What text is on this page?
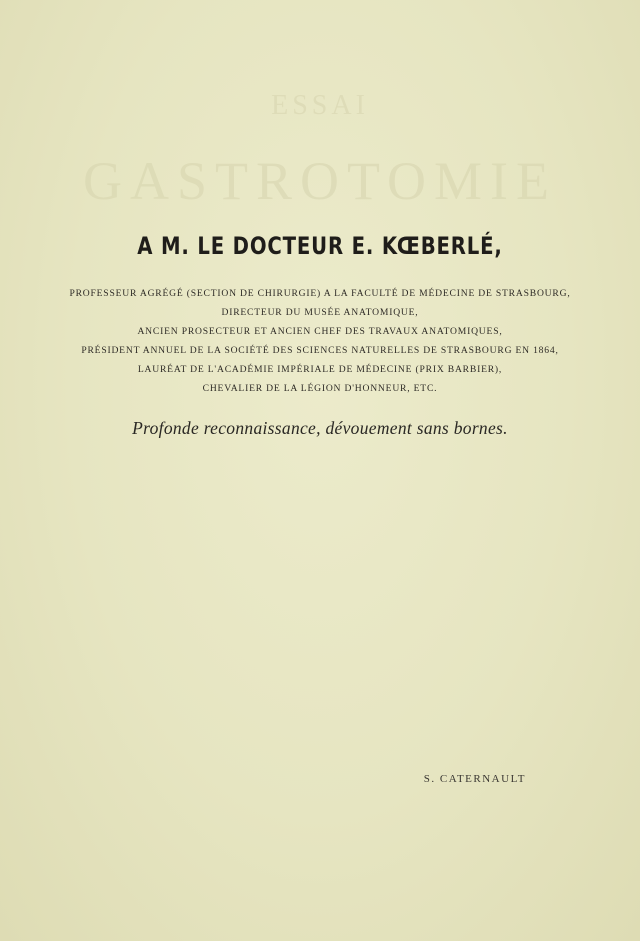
ESSAI
GASTROTOMIE
A M. LE DOCTEUR E. KŒBERLÉ,
PROFESSEUR AGRÉGÉ (SECTION DE CHIRURGIE) A LA FACULTÉ DE MÉDECINE DE STRASBOURG,
DIRECTEUR DU MUSÉE ANATOMIQUE,
ANCIEN PROSECTEUR ET ANCIEN CHEF DES TRAVAUX ANATOMIQUES,
PRÉSIDENT ANNUEL DE LA SOCIÉTÉ DES SCIENCES NATURELLES DE STRASBOURG EN 1864,
LAURÉAT DE L'ACADÉMIE IMPÉRIALE DE MÉDECINE (PRIX BARBIER),
CHEVALIER DE LA LÉGION D'HONNEUR, ETC.
Profonde reconnaissance, dévouement sans bornes.
S. CATERNAULT
